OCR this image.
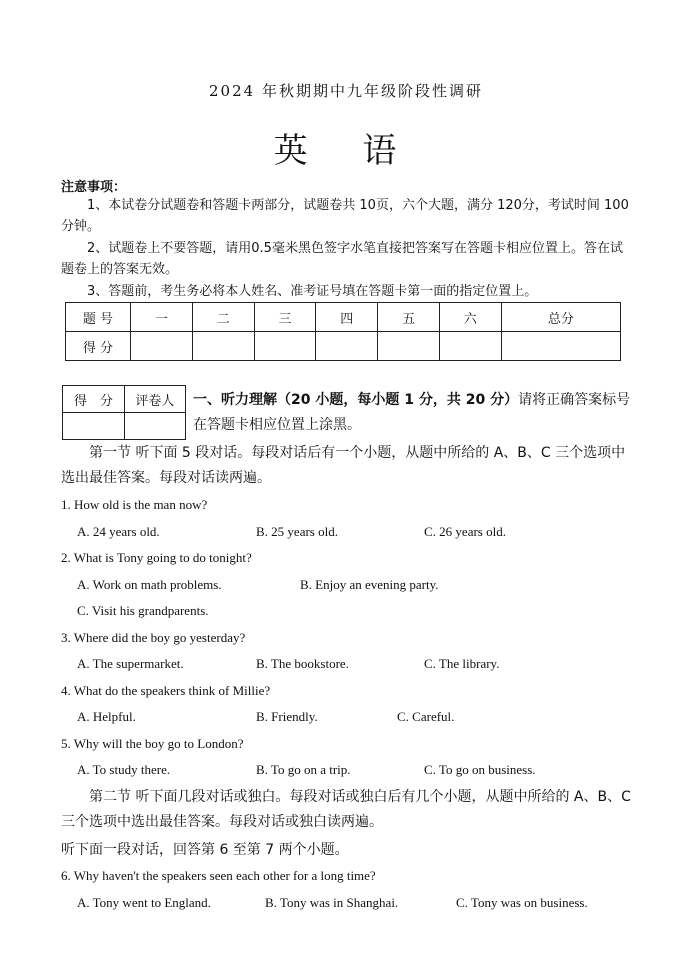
2024 年秋期期中九年级阶段性调研
英 语
注意事项：
1、本试卷分试题卷和答题卡两部分，试题卷共 10页，六个大题，满分 120分，考试时间 100分钟。
2、试题卷上不要答题，请用0.5毫米黑色签字水笔直接把答案写在答题卡相应位置上。答在试题卷上的答案无效。
3、答题前，考生务必将本人姓名、准考证号填在答题卡第一面的指定位置上。
题 号	一	二	三	四	五	六	总分
得 分							
得　分	评卷人
	一、听力理解（20 小题，每小题 1 分，共 20 分）请将正确答案标号在答题卡相应位置上涂黑。
第一节 听下面 5 段对话。每段对话后有一个小题，从题中所给的 A、B、C 三个选项中选出最佳答案。每段对话读两遍。
1. How old is the man now?
A. 24 years old.	B. 25 years old.	C. 26 years old.
2. What is Tony going to do tonight?
A. Work on math problems.	B. Enjoy an evening party.
C. Visit his grandparents.
3. Where did the boy go yesterday?
A. The supermarket.	B. The bookstore.	C. The library.
4. What do the speakers think of Millie?
A. Helpful.	B. Friendly.	C. Careful.
5. Why will the boy go to London?
A. To study there.	B. To go on a trip.	C. To go on business.
第二节 听下面几段对话或独白。每段对话或独白后有几个小题，从题中所给的 A、B、C 三个选项中选出最佳答案。每段对话或独白读两遍。
听下面一段对话，回答第 6 至第 7 两个小题。
6. Why haven't the speakers seen each other for a long time?
A. Tony went to England.	B. Tony was in Shanghai.	C. Tony was on business.
